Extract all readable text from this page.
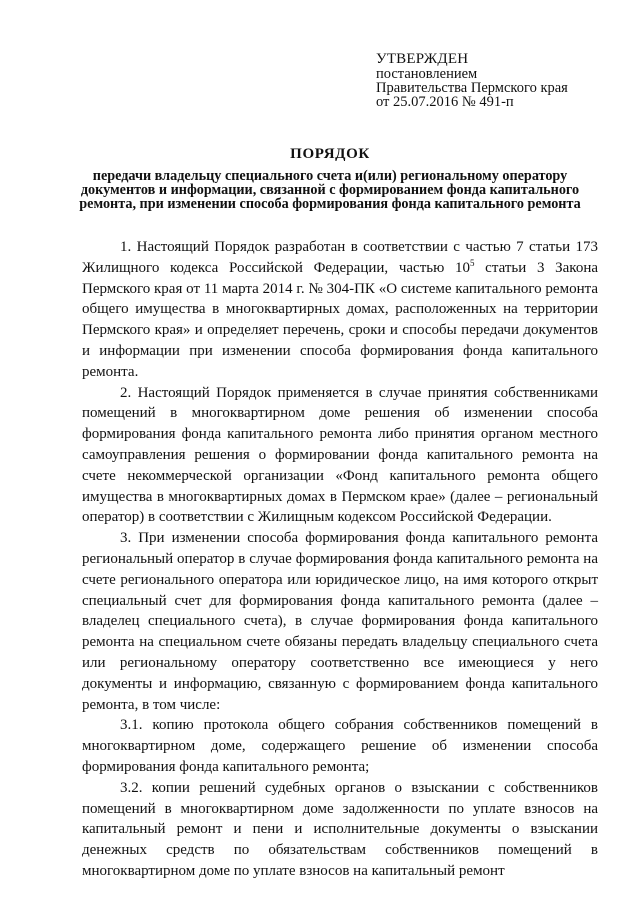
УТВЕРЖДЕН
постановлением
Правительства Пермского края
от 25.07.2016 № 491-п
ПОРЯДОК
передачи владельцу специального счета и(или) региональному оператору документов и информации, связанной с формированием фонда капитального ремонта, при изменении способа формирования фонда капитального ремонта

1. Настоящий Порядок разработан в соответствии с частью 7 статьи 173 Жилищного кодекса Российской Федерации, частью $10^5$ статьи 3 Закона Пермского края от 11 марта 2014 г. № 304-ПК «О системе капитального ремонта общего имущества в многоквартирных домах, расположенных на территории Пермского края» и определяет перечень, сроки и способы передачи документов и информации при изменении способа формирования фонда капитального ремонта.

2. Настоящий Порядок применяется в случае принятия собственниками помещений в многоквартирном доме решения об изменении способа формирования фонда капитального ремонта либо принятия органом местного самоуправления решения о формировании фонда капитального ремонта на счете некоммерческой организации «Фонд капитального ремонта общего имущества в многоквартирных домах в Пермском крае» (далее – региональный оператор) в соответствии с Жилищным кодексом Российской Федерации.

3. При изменении способа формирования фонда капитального ремонта региональный оператор в случае формирования фонда капитального ремонта на счете регионального оператора или юридическое лицо, на имя которого открыт специальный счет для формирования фонда капитального ремонта (далее – владелец специального счета), в случае формирования фонда капитального ремонта на специальном счете обязаны передать владельцу специального счета или региональному оператору соответственно все имеющиеся у него документы и информацию, связанную с формированием фонда капитального ремонта, в том числе:

3.1. копию протокола общего собрания собственников помещений в многоквартирном доме, содержащего решение об изменении способа формирования фонда капитального ремонта;

3.2. копии решений судебных органов о взыскании с собственников помещений в многоквартирном доме задолженности по уплате взносов на капитальный ремонт и пени и исполнительные документы о взыскании денежных средств по обязательствам собственников помещений в многоквартирном доме по уплате взносов на капитальный ремонт
